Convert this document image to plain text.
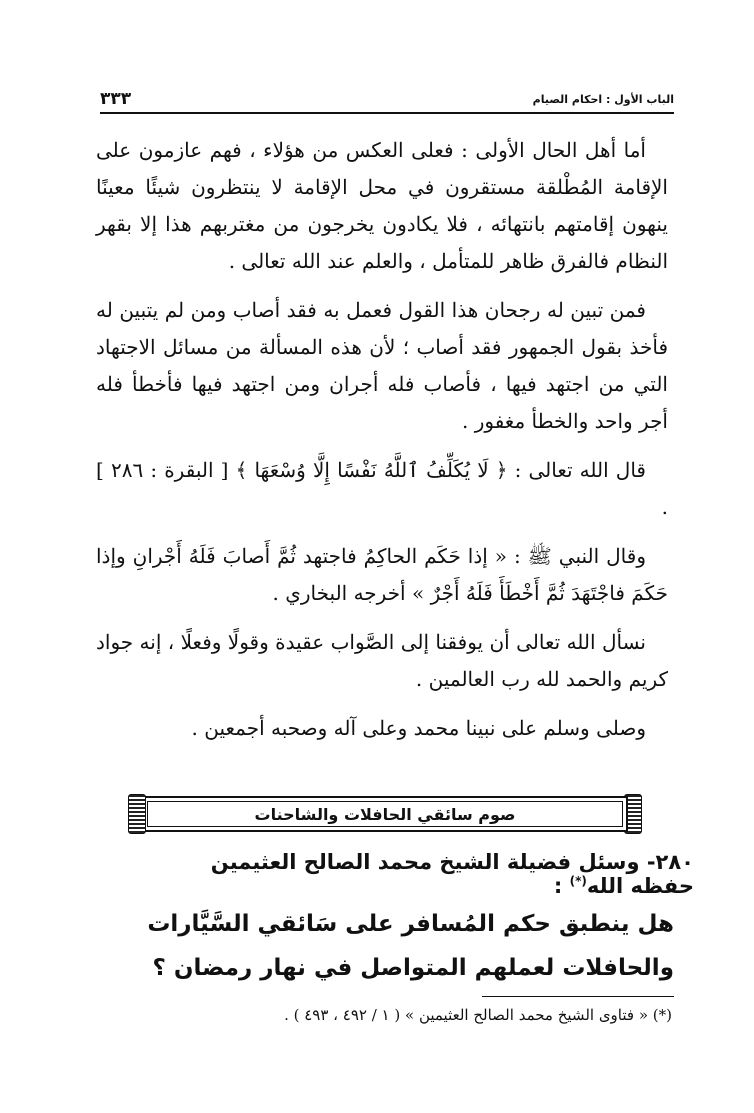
الباب الأول : احكام الصيام
٣٣٣

أما أهل الحال الأولى : فعلى العكس من هؤلاء ، فهم عازمون على الإقامة المُطْلقة مستقرون في محل الإقامة لا ينتظرون شيئًا معينًا ينهون إقامتهم بانتهائه ، فلا يكادون يخرجون من مغتربهم هذا إلا بقهر النظام فالفرق ظاهر للمتأمل ، والعلم عند الله تعالى .

فمن تبين له رجحان هذا القول فعمل به فقد أصاب ومن لم يتبين له فأخذ بقول الجمهور فقد أصاب ؛ لأن هذه المسألة من مسائل الاجتهاد التي من اجتهد فيها ، فأصاب فله أجران ومن اجتهد فيها فأخطأ فله أجر واحد والخطأ مغفور .

قال الله تعالى : ﴿ لَا يُكَلِّفُ ٱللَّهُ نَفْسًا إِلَّا وُسْعَهَا ﴾ [ البقرة : ٢٨٦ ] .

وقال النبي ﷺ : « إذا حَكَم الحاكِمُ فاجتهد ثُمَّ أَصابَ فَلَهُ أَجْرانِ وإذا حَكَمَ فاجْتَهَدَ ثُمَّ أَخْطَأَ فَلَهُ أَجْرٌ » أخرجه البخاري .

نسأل الله تعالى أن يوفقنا إلى الصَّواب عقيدة وقولًا وفعلًا ، إنه جواد كريم والحمد لله رب العالمين .

وصلى وسلم على نبينا محمد وعلى آله وصحبه أجمعين .

صوم سائقي الحافلات والشاحنات
٢٨٠- وسئل فضيلة الشيخ محمد الصالح العثيمين حفظه الله(*) :
هل ينطبق حكم المُسافر على سَائقي السَّيَّارات والحافلات لعملهم المتواصل في نهار رمضان ؟
(*) « فتاوى الشيخ محمد الصالح العثيمين » ( ١ / ٤٩٢ ، ٤٩٣ ) .
